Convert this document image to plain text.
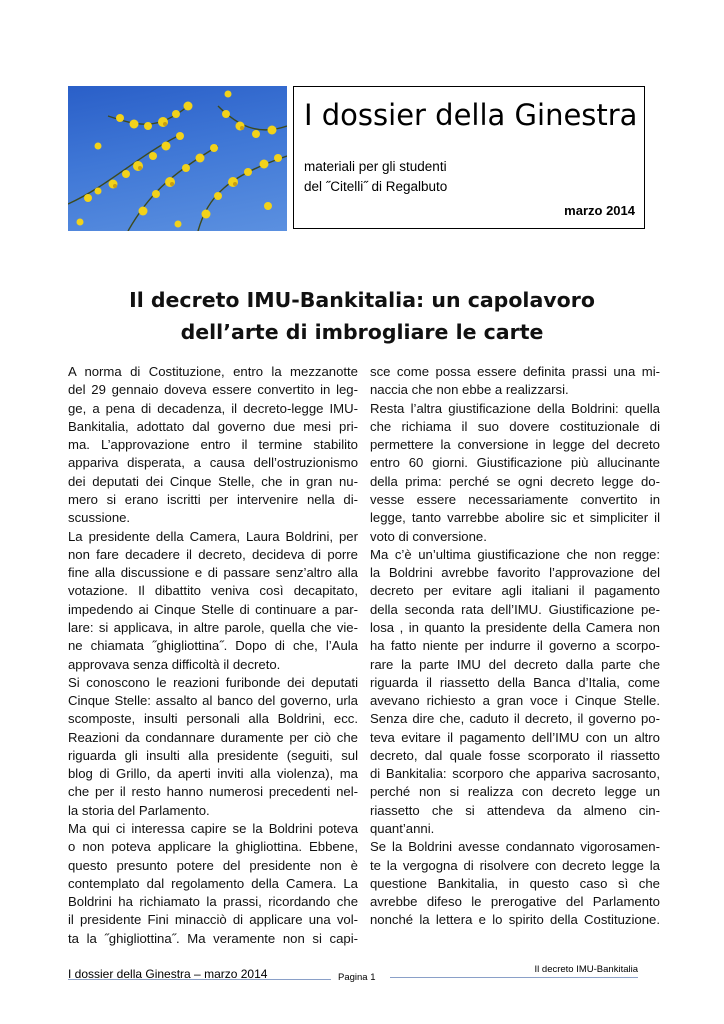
I dossier della Ginestra
materiali per gli studenti
del ˝Citelli˝ di Regalbuto
marzo 2014
Il decreto IMU-Bankitalia: un capolavoro
dell’arte di imbrogliare le carte
A norma di Costituzione, entro la mezzanotte
del 29 gennaio doveva essere convertito in leg-
ge, a pena di decadenza, il decreto-legge IMU-
Bankitalia, adottato dal governo due mesi pri-
ma. L’approvazione entro il termine stabilito
appariva disperata, a causa dell’ostruzionismo
dei deputati dei Cinque Stelle, che in gran nu-
mero si erano iscritti per intervenire nella di-
scussione.
La presidente della Camera, Laura Boldrini, per
non fare decadere il decreto, decideva di porre
fine alla discussione e di passare senz’altro alla
votazione. Il dibattito veniva così decapitato,
impedendo ai Cinque Stelle di continuare a par-
lare: si applicava, in altre parole, quella che vie-
ne chiamata ˝ghigliottina˝. Dopo di che, l’Aula
approvava senza difficoltà il decreto.
Si conoscono le reazioni furibonde dei deputati
Cinque Stelle: assalto al banco del governo, urla
scomposte, insulti personali alla Boldrini, ecc.
Reazioni da condannare duramente per ciò che
riguarda gli insulti alla presidente (seguiti, sul
blog di Grillo, da aperti inviti alla violenza), ma
che per il resto hanno numerosi precedenti nel-
la storia del Parlamento.
Ma qui ci interessa capire se la Boldrini poteva
o non poteva applicare la ghigliottina. Ebbene,
questo presunto potere del presidente non è
contemplato dal regolamento della Camera. La
Boldrini ha richiamato la prassi, ricordando che
il presidente Fini minacciò di applicare una vol-
ta la ˝ghigliottina˝. Ma veramente non si capi-
sce come possa essere definita prassi una mi-
naccia che non ebbe a realizzarsi.
Resta l’altra giustificazione della Boldrini: quella
che richiama il suo dovere costituzionale di
permettere la conversione in legge del decreto
entro 60 giorni. Giustificazione più allucinante
della prima: perché se ogni decreto legge do-
vesse essere necessariamente convertito in
legge, tanto varrebbe abolire sic et simpliciter il
voto di conversione.
Ma c’è un’ultima giustificazione che non regge:
la Boldrini avrebbe favorito l’approvazione del
decreto per evitare agli italiani il pagamento
della seconda rata dell’IMU. Giustificazione pe-
losa , in quanto la presidente della Camera non
ha fatto niente per indurre il governo a scorpo-
rare la parte IMU del decreto dalla parte che
riguarda il riassetto della Banca d’Italia, come
avevano richiesto a gran voce i Cinque Stelle.
Senza dire che, caduto il decreto, il governo po-
teva evitare il pagamento dell’IMU con un altro
decreto, dal quale fosse scorporato il riassetto
di Bankitalia: scorporo che appariva sacrosanto,
perché non si realizza con decreto legge un
riassetto che si attendeva da almeno cin-
quant’anni.
Se la Boldrini avesse condannato vigorosamen-
te la vergogna di risolvere con decreto legge la
questione Bankitalia, in questo caso sì che
avrebbe difeso le prerogative del Parlamento
nonché la lettera e lo spirito della Costituzione.
I dossier della Ginestra – marzo 2014	Pagina 1
Il decreto IMU-Bankitalia
